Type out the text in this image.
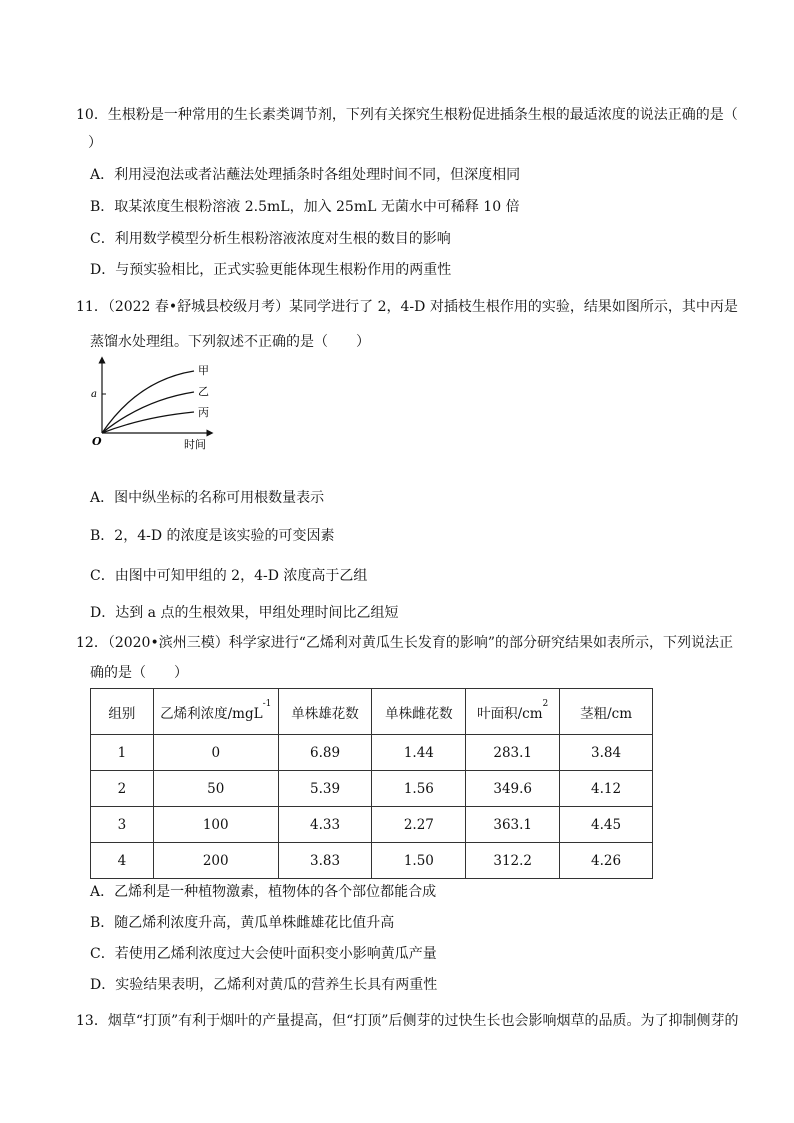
10．生根粉是一种常用的生长素类调节剂，下列有关探究生根粉促进插条生根的最适浓度的说法正确的是（
）
A．利用浸泡法或者沾蘸法处理插条时各组处理时间不同，但深度相同
B．取某浓度生根粉溶液 2.5mL，加入 25mL 无菌水中可稀释 10 倍
C．利用数学模型分析生根粉溶液浓度对生根的数目的影响
D．与预实验相比，正式实验更能体现生根粉作用的两重性
11．（2022 春•舒城县校级月考）某同学进行了 2，4-D 对插枝生根作用的实验，结果如图所示，其中丙是
蒸馏水处理组。下列叙述不正确的是（　　）
O
a
时间
甲
乙
丙
A．图中纵坐标的名称可用根数量表示
B．2，4-D 的浓度是该实验的可变因素
C．由图中可知甲组的 2，4-D 浓度高于乙组
D．达到 a 点的生根效果，甲组处理时间比乙组短
12．（2020•滨州三模）科学家进行“乙烯利对黄瓜生长发育的影响”的部分研究结果如表所示，下列说法正
确的是（　　）
组别	乙烯利浓度/mgL$^{-1}$	单株雄花数	单株雌花数	叶面积$/cm^2$	茎粗/cm
1	0	6.89	1.44	283.1	3.84
2	50	5.39	1.56	349.6	4.12
3	100	4.33	2.27	363.1	4.45
4	200	3.83	1.50	312.2	4.26
A．乙烯利是一种植物激素，植物体的各个部位都能合成
B．随乙烯利浓度升高，黄瓜单株雌雄花比值升高
C．若使用乙烯利浓度过大会使叶面积变小影响黄瓜产量
D．实验结果表明，乙烯利对黄瓜的营养生长具有两重性
13．烟草“打顶”有利于烟叶的产量提高，但“打顶”后侧芽的过快生长也会影响烟草的品质。为了抑制侧芽的
